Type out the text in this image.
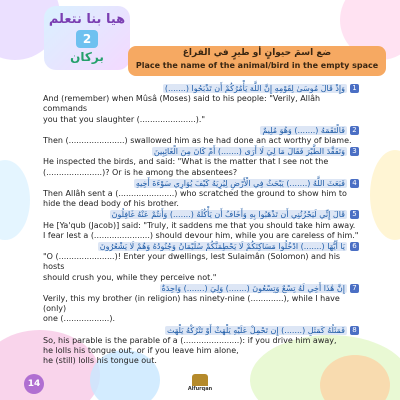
هيا بنا نتعلم
2
بركان	ضع اسمَ حيوانٍ أو طيرٍ في الفراغ
Place the name of the animal/bird in the empty space
1وَإِذْ قَالَ مُوسَىٰ لِقَوْمِهِ إِنَّ اللَّهَ يَأْمُرُكُمْ أَن تَذْبَحُوا (.......)
And (remember) when Mûsâ (Moses) said to his people: "Verily, Allâh commands
you that you slaughter (......................)."
2فَالْتَقَمَهُ (.......) وَهُوَ مُلِيمٌ
Then (......................) swallowed him as he had done an act worthy of blame.
3وَتَفَقَّدَ الطَّيْرَ فَقَالَ مَا لِيَ لَا أَرَى (.......) أَمْ كَانَ مِنَ الْغَائِبِينَ
He inspected the birds, and said: "What is the matter that I see not the
(......................)? Or is he among the absentees?
4فَبَعَثَ اللَّهُ (.......) يَبْحَثُ فِي الْأَرْضِ لِيُرِيَهُ كَيْفَ يُوَارِي سَوْءَةَ أَخِيهِ
Then Allâh sent a (......................) who scratched the ground to show him to
hide the dead body of his brother.
5قَالَ إِنِّي لَيَحْزُنُنِي أَن تَذْهَبُوا بِهِ وَأَخَافُ أَن يَأْكُلَهُ (.......) وَأَنتُمْ عَنْهُ غَافِلُونَ
He [Ya'qub (Jacob)] said: "Truly, it saddens me that you should take him away.
I fear lest a (......................) should devour him, while you are careless of him."
6يَا أَيُّهَا (.......) ادْخُلُوا مَسَاكِنَكُمْ لَا يَحْطِمَنَّكُمْ سُلَيْمَانُ وَجُنُودُهُ وَهُمْ لَا يَشْعُرُونَ
"O (......................)! Enter your dwellings, lest Sulaimân (Solomon) and his hosts
should crush you, while they perceive not."
7إِنَّ هَٰذَا أَخِي لَهُ تِسْعٌ وَتِسْعُونَ (.......) وَلِيَ (.......) وَاحِدَةٌ
Verily, this my brother (in religion) has ninety-nine (.............), while I have (only)
one (..................).
8فَمَثَلُهُ كَمَثَلِ (.......) إِن تَحْمِلْ عَلَيْهِ يَلْهَثْ أَوْ تَتْرُكْهُ يَلْهَث
So, his parable is the parable of a (......................): if you drive him away,
he lolls his tongue out, or if you leave him alone,
he (still) lolls his tongue out.
14	Alfurqan
